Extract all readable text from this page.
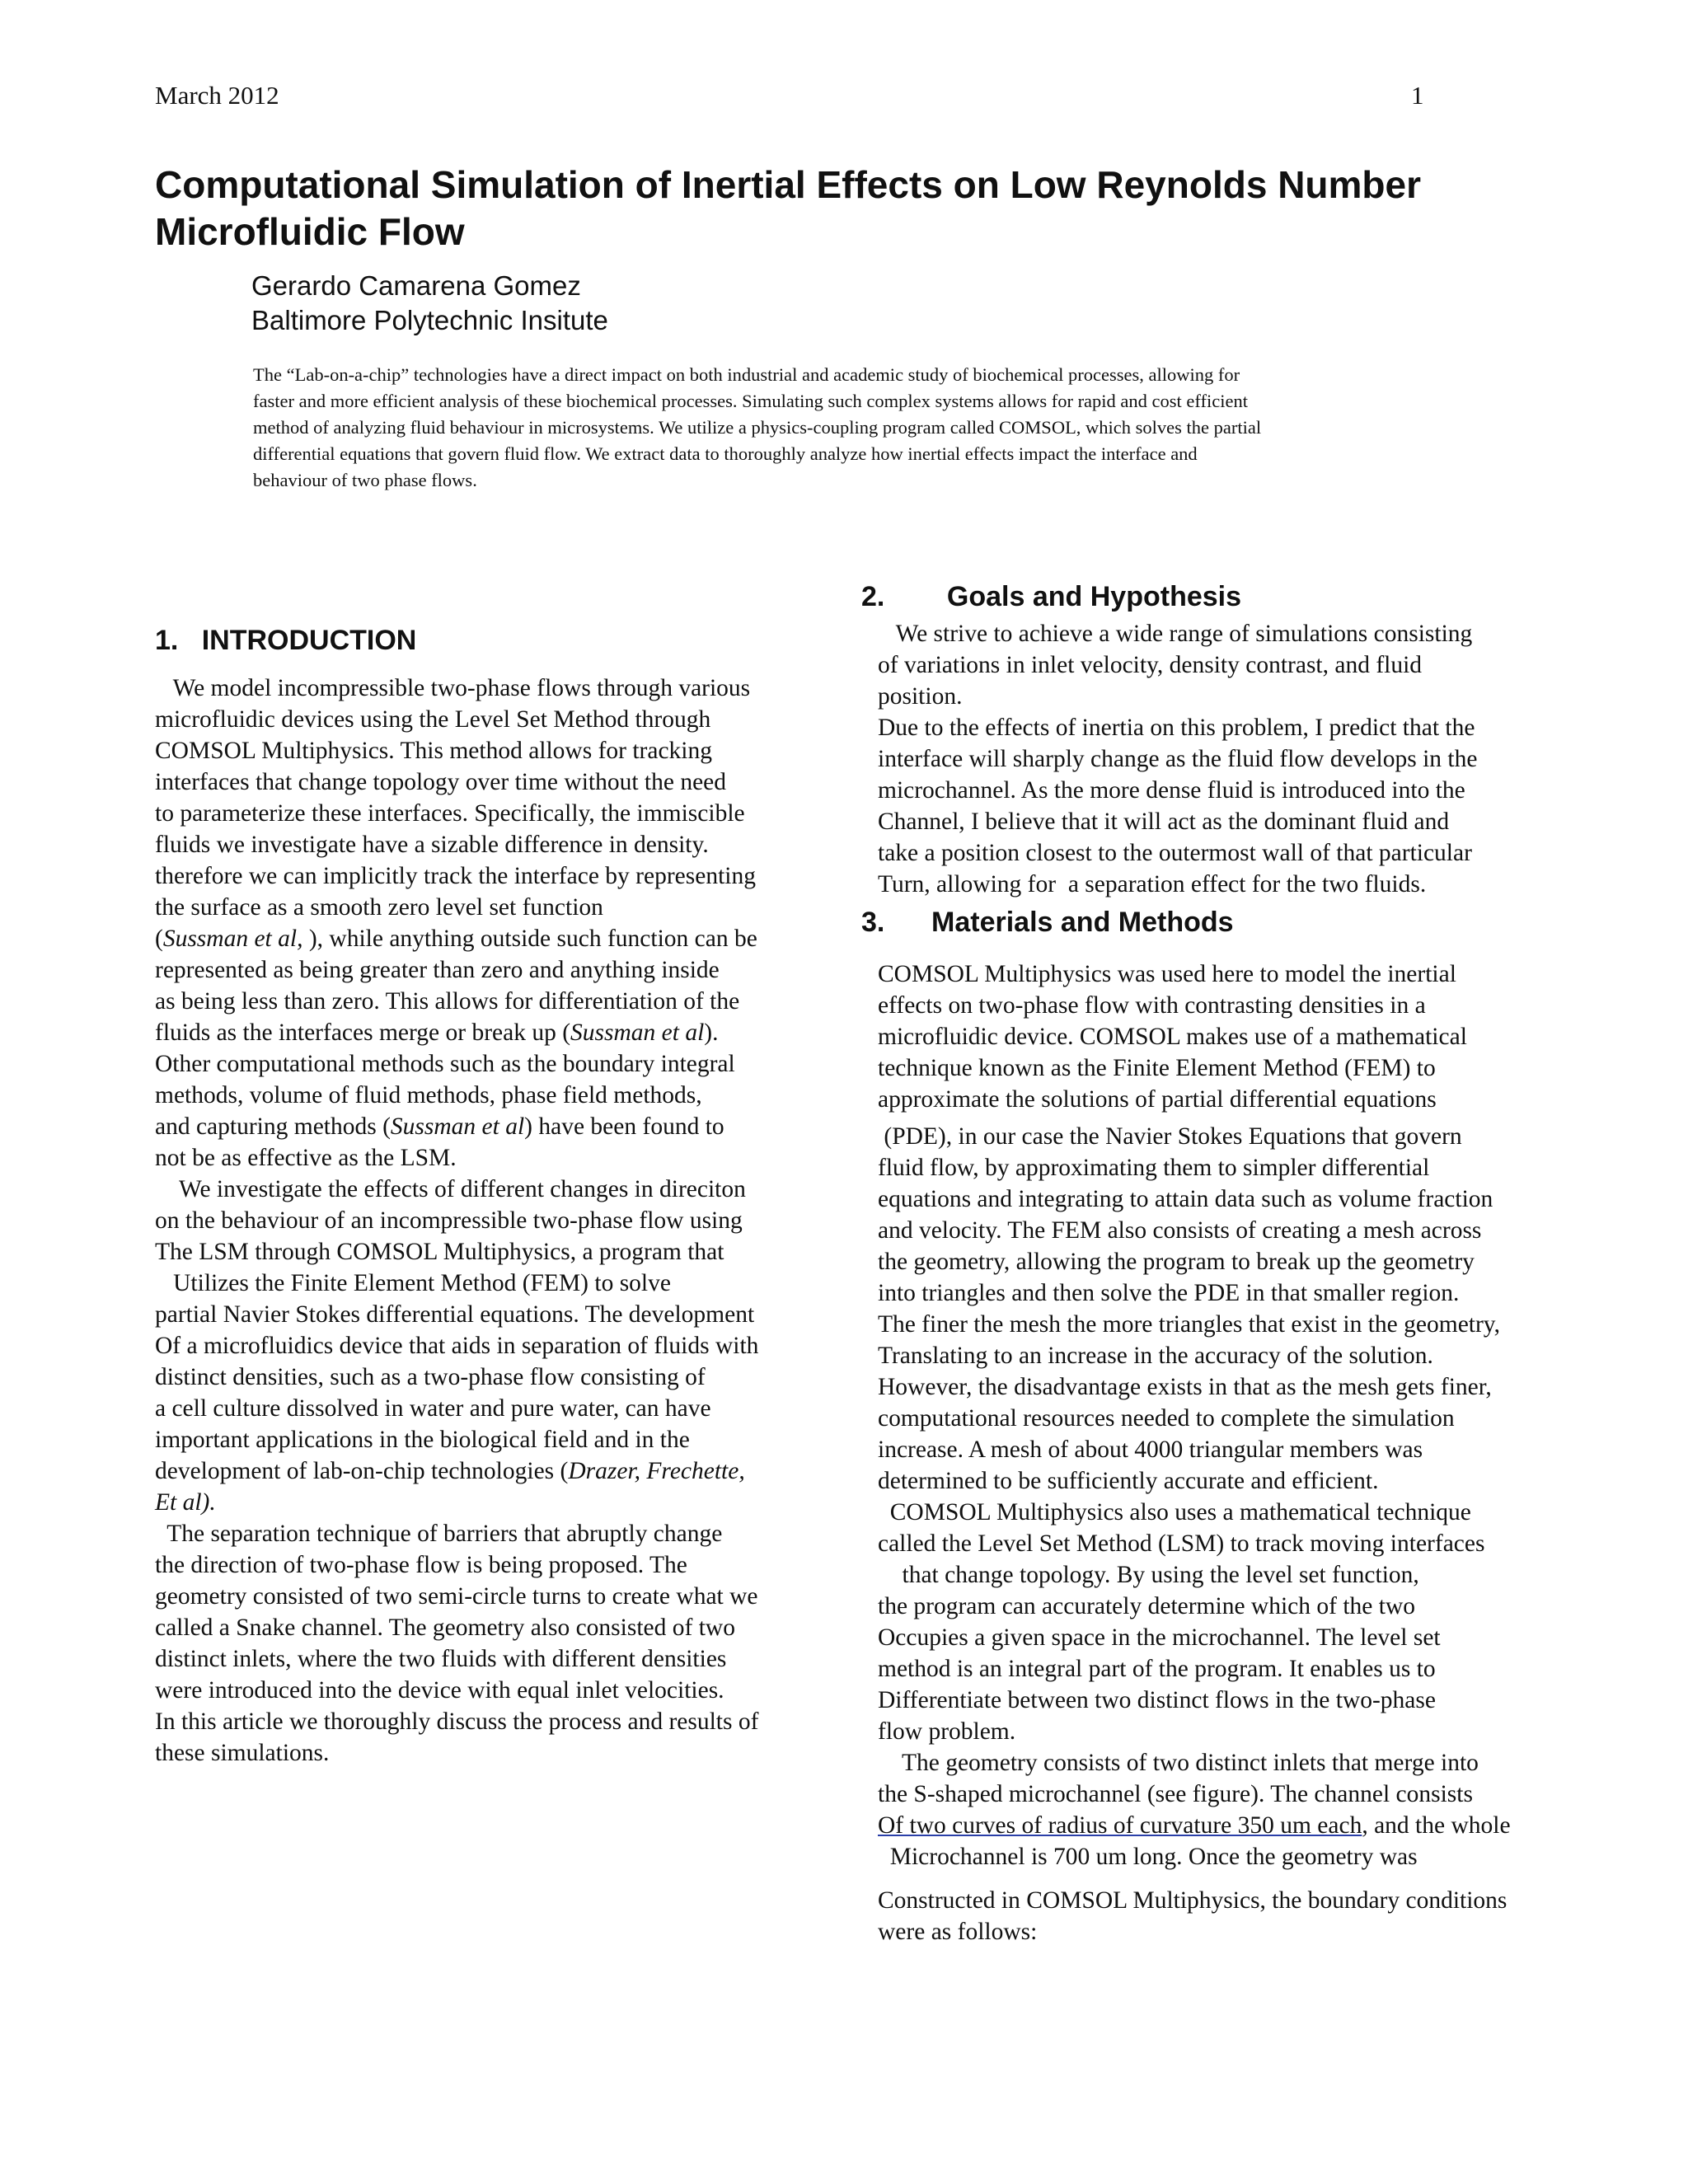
March 2012	1
Computational Simulation of Inertial Effects on Low Reynolds Number Microfluidic Flow
Gerardo Camarena Gomez
Baltimore Polytechnic Insitute
The “Lab-on-a-chip” technologies have a direct impact on both industrial and academic study of biochemical processes, allowing for
faster and more efficient analysis of these biochemical processes. Simulating such complex systems allows for rapid and cost efficient
method of analyzing fluid behaviour in microsystems. We utilize a physics-coupling program called COMSOL, which solves the partial
differential equations that govern fluid flow. We extract data to thoroughly analyze how inertial effects impact the interface and
behaviour of two phase flows.
1.   INTRODUCTION
2.        Goals and Hypothesis
3.      Materials and Methods
We model incompressible two-phase flows through various
microfluidic devices using the Level Set Method through
COMSOL Multiphysics. This method allows for tracking
interfaces that change topology over time without the need
to parameterize these interfaces. Specifically, the immiscible
fluids we investigate have a sizable difference in density.
therefore we can implicitly track the interface by representing
the surface as a smooth zero level set function
(Sussman et al, ), while anything outside such function can be
represented as being greater than zero and anything inside
as being less than zero. This allows for differentiation of the
fluids as the interfaces merge or break up (Sussman et al).
Other computational methods such as the boundary integral
methods, volume of fluid methods, phase field methods,
and capturing methods (Sussman et al) have been found to
not be as effective as the LSM.
We investigate the effects of different changes in direciton
on the behaviour of an incompressible two-phase flow using
The LSM through COMSOL Multiphysics, a program that
Utilizes the Finite Element Method (FEM) to solve
partial Navier Stokes differential equations. The development
Of a microfluidics device that aids in separation of fluids with
distinct densities, such as a two-phase flow consisting of
a cell culture dissolved in water and pure water, can have
important applications in the biological field and in the
development of lab-on-chip technologies (Drazer, Frechette,
Et al).
The separation technique of barriers that abruptly change
the direction of two-phase flow is being proposed. The
geometry consisted of two semi-circle turns to create what we
called a Snake channel. The geometry also consisted of two
distinct inlets, where the two fluids with different densities
were introduced into the device with equal inlet velocities.
In this article we thoroughly discuss the process and results of
these simulations.
We strive to achieve a wide range of simulations consisting
of variations in inlet velocity, density contrast, and fluid
position.
Due to the effects of inertia on this problem, I predict that the
interface will sharply change as the fluid flow develops in the
microchannel. As the more dense fluid is introduced into the
Channel, I believe that it will act as the dominant fluid and
take a position closest to the outermost wall of that particular
Turn, allowing for  a separation effect for the two fluids.
COMSOL Multiphysics was used here to model the inertial
effects on two-phase flow with contrasting densities in a
microfluidic device. COMSOL makes use of a mathematical
technique known as the Finite Element Method (FEM) to
approximate the solutions of partial differential equations
(PDE), in our case the Navier Stokes Equations that govern
fluid flow, by approximating them to simpler differential
equations and integrating to attain data such as volume fraction
and velocity. The FEM also consists of creating a mesh across
the geometry, allowing the program to break up the geometry
into triangles and then solve the PDE in that smaller region.
The finer the mesh the more triangles that exist in the geometry,
Translating to an increase in the accuracy of the solution.
However, the disadvantage exists in that as the mesh gets finer,
computational resources needed to complete the simulation
increase. A mesh of about 4000 triangular members was
determined to be sufficiently accurate and efficient.
COMSOL Multiphysics also uses a mathematical technique
called the Level Set Method (LSM) to track moving interfaces
that change topology. By using the level set function,
the program can accurately determine which of the two
Occupies a given space in the microchannel. The level set
method is an integral part of the program. It enables us to
Differentiate between two distinct flows in the two-phase
flow problem.
The geometry consists of two distinct inlets that merge into
the S-shaped microchannel (see figure). The channel consists
Of two curves of radius of curvature 350 um each, and the whole
Microchannel is 700 um long. Once the geometry was
Constructed in COMSOL Multiphysics, the boundary conditions
were as follows:
